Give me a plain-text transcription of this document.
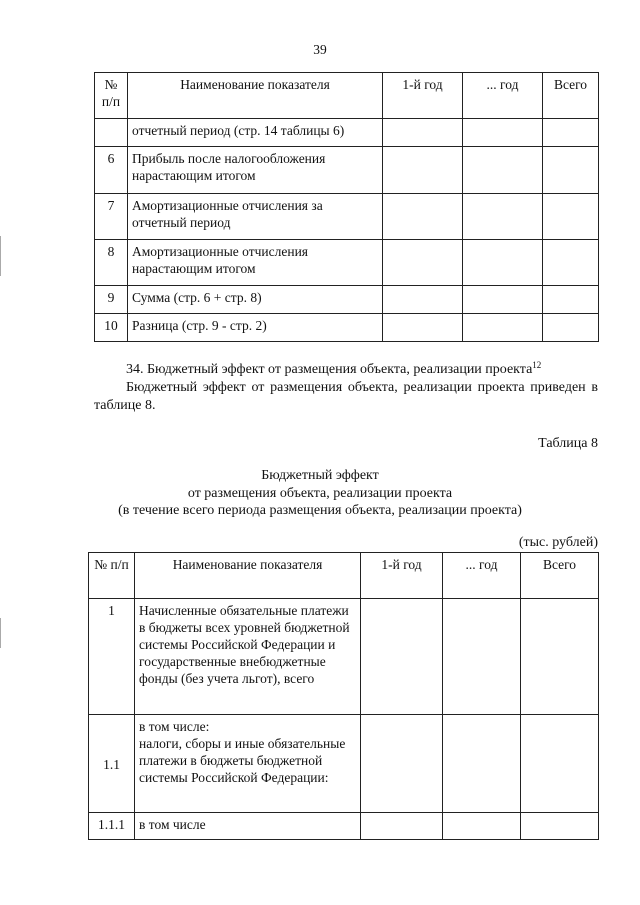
39
№ п/п	Наименование показателя	1-й год	... год	Всего
	отчетный период (стр. 14 таблицы 6)			
6	Прибыль после налогообложения нарастающим итогом			
7	Амортизационные отчисления за отчетный период			
8	Амортизационные отчисления нарастающим итогом			
9	Сумма (стр. 6 + стр. 8)			
10	Разница (стр. 9 - стр. 2)			
34. Бюджетный эффект от размещения объекта, реализации проекта$^{12}$
Бюджетный эффект от размещения объекта, реализации проекта приведен в таблице 8.
Таблица 8
Бюджетный эффект
от размещения объекта, реализации проекта
(в течение всего периода размещения объекта, реализации проекта)
(тыс. рублей)
№ п/п	Наименование показателя	1-й год	... год	Всего
1	Начисленные обязательные платежи в бюджеты всех уровней бюджетной системы Российской Федерации и государственные внебюджетные фонды (без учета льгот), всего			
1.1	в том числе:
налоги, сборы и иные обязательные платежи в бюджеты бюджетной системы Российской Федерации:			

1.1.1	в том числе			
